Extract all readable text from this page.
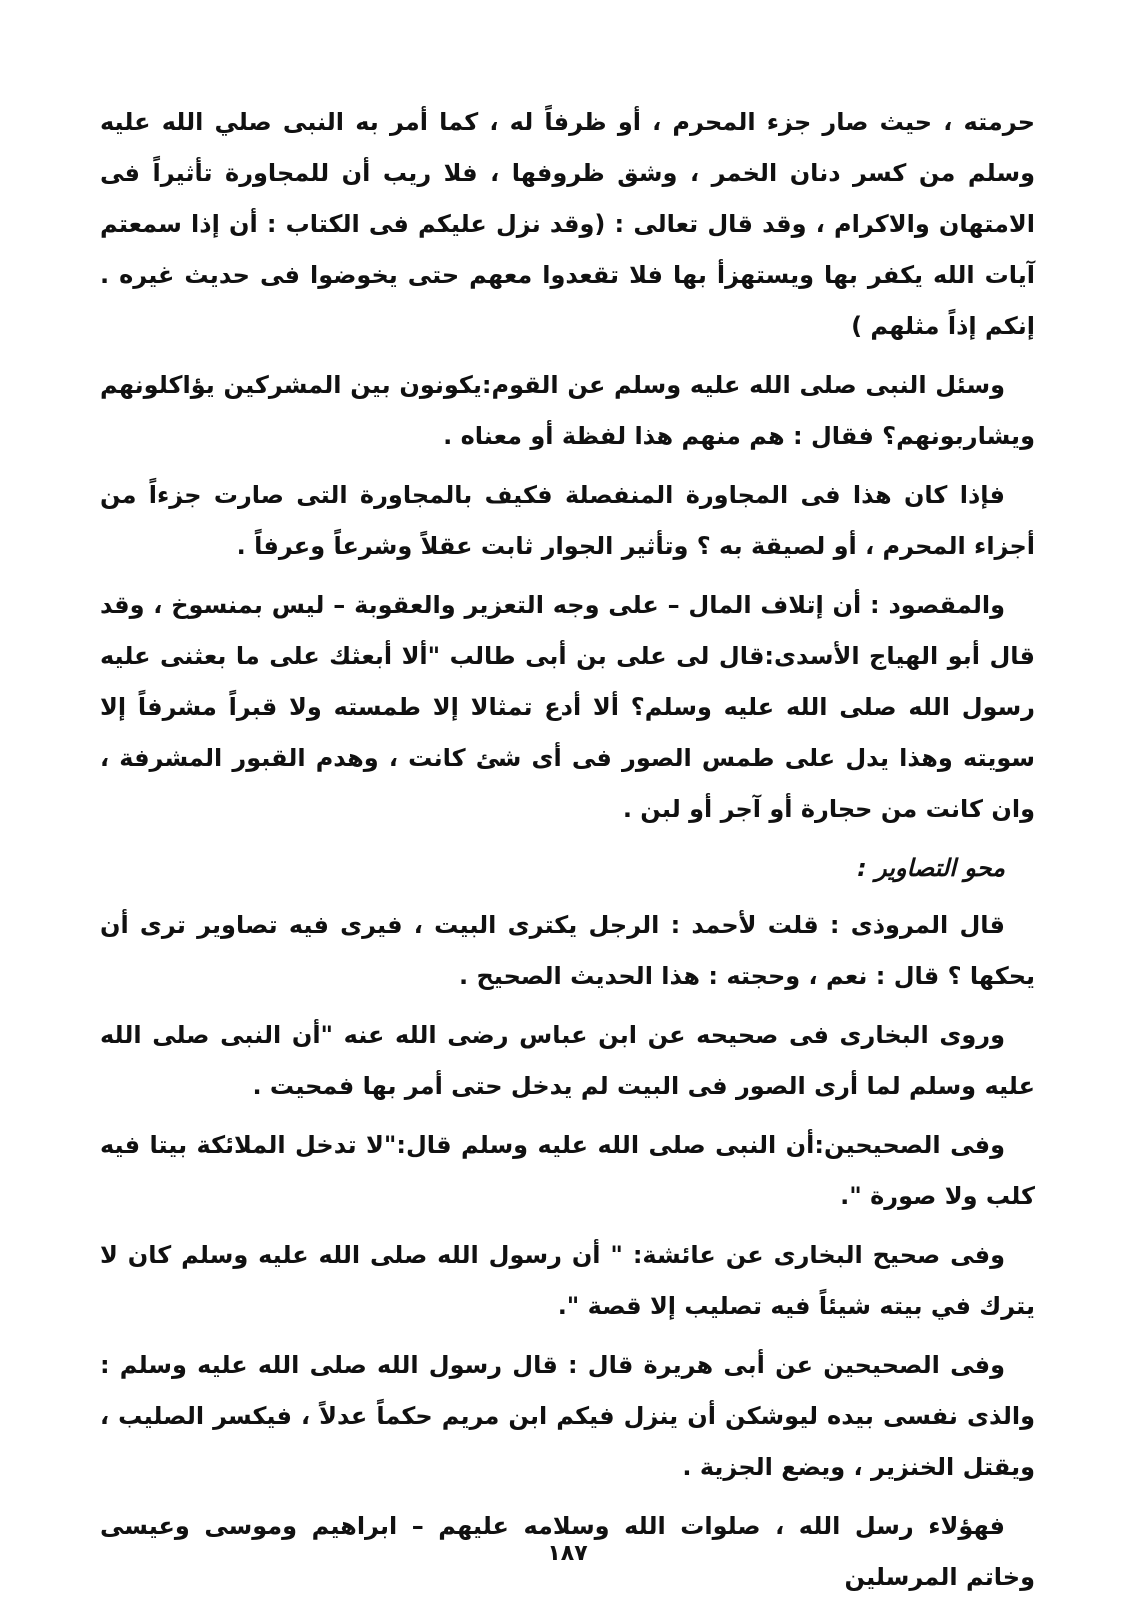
حرمته ، حيث صار جزء المحرم ، أو ظرفاً له ، كما أمر به النبى صلي الله عليه وسلم من كسر دنان الخمر ، وشق ظروفها ، فلا ريب أن للمجاورة تأثيراً فى الامتهان والاكرام ، وقد قال تعالى : (وقد نزل عليكم فى الكتاب : أن إذا سمعتم آيات الله يكفر بها ويستهزأ بها فلا تقعدوا معهم حتى يخوضوا فى حديث غيره . إنكم إذاً مثلهم )

وسئل النبى صلى الله عليه وسلم عن القوم:يكونون بين المشركين يؤاكلونهم ويشاربونهم؟ فقال : هم منهم هذا لفظة أو معناه .

فإذا كان هذا فى المجاورة المنفصلة فكيف بالمجاورة التى صارت جزءاً من أجزاء المحرم ، أو لصيقة به ؟ وتأثير الجوار ثابت عقلاً وشرعاً وعرفاً .

والمقصود : أن إتلاف المال – على وجه التعزير والعقوبة – ليس بمنسوخ ، وقد قال أبو الهياج الأسدى:قال لى على بن أبى طالب "ألا أبعثك على ما بعثنى عليه رسول الله صلى الله عليه وسلم؟ ألا أدع تمثالا إلا طمسته ولا قبراً مشرفاً إلا سويته وهذا يدل على طمس الصور فى أى شئ كانت ، وهدم القبور المشرفة ، وان كانت من حجارة أو آجر أو لبن .

محو التصاوير :

قال المروذى : قلت لأحمد : الرجل يكترى البيت ، فيرى فيه تصاوير ترى أن يحكها ؟ قال : نعم ، وحجته : هذا الحديث الصحيح .

وروى البخارى فى صحيحه عن ابن عباس رضى الله عنه "أن النبى صلى الله عليه وسلم لما أرى الصور فى البيت لم يدخل حتى أمر بها فمحيت .

وفى الصحيحين:أن النبى صلى الله عليه وسلم قال:"لا تدخل الملائكة بيتا فيه كلب ولا صورة ".

وفى صحيح البخارى عن عائشة: " أن رسول الله صلى الله عليه وسلم كان لا يترك في بيته شيئاً فيه تصليب إلا قصة ".

وفى الصحيحين عن أبى هريرة قال : قال رسول الله صلى الله عليه وسلم : والذى نفسى بيده ليوشكن أن ينزل فيكم ابن مريم حكماً عدلاً ، فيكسر الصليب ، ويقتل الخنزير ، ويضع الجزية .

فهؤلاء رسل الله ، صلوات الله وسلامه عليهم – ابراهيم وموسى وعيسى وخاتم المرسلين

١٨٧
